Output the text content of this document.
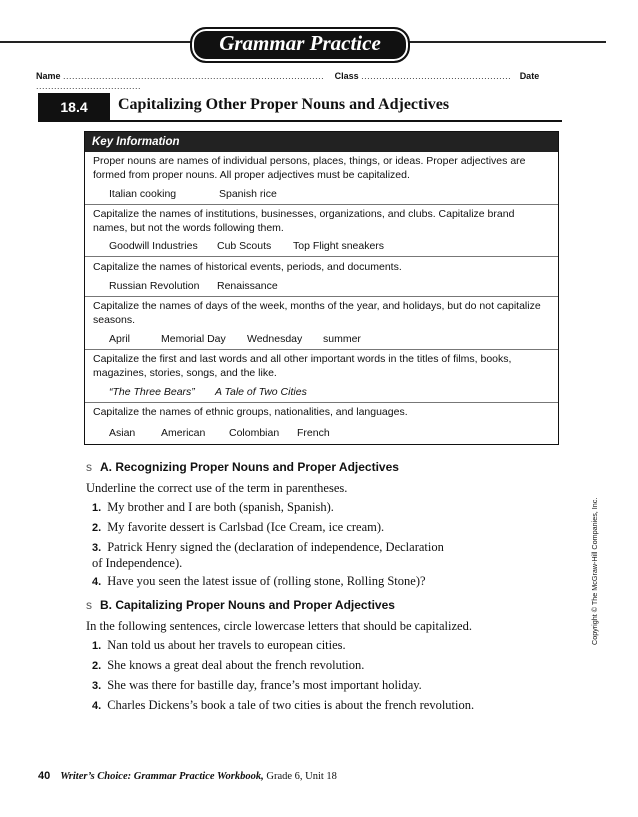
Grammar Practice
Name ....................................................................................... Class .................................................. Date ...................................
18.4	Capitalizing Other Proper Nouns and Adjectives
Key Information
Proper nouns are names of individual persons, places, things, or ideas. Proper adjectives are formed from proper nouns. All proper adjectives must be capitalized.
Italian cooking	Spanish rice
Capitalize the names of institutions, businesses, organizations, and clubs. Capitalize brand names, but not the words following them.
Goodwill Industries Cub Scouts Top Flight sneakers
Capitalize the names of historical events, periods, and documents.
Russian Revolution Renaissance
Capitalize the names of days of the week, months of the year, and holidays, but do not capitalize seasons.
April	Memorial Day Wednesday summer
Capitalize the first and last words and all other important words in the titles of films, books, magazines, stories, songs, and the like.
“The Three Bears” A Tale of Two Cities
Capitalize the names of ethnic groups, nationalities, and languages.
Asian American Colombian French
s A. Recognizing Proper Nouns and Proper Adjectives
Underline the correct use of the term in parentheses.
1. My brother and I are both (spanish, Spanish).
2. My favorite dessert is Carlsbad (Ice Cream, ice cream).
3. Patrick Henry signed the (declaration of independence, Declaration of Independence).
4. Have you seen the latest issue of (rolling stone, Rolling Stone)?
s B. Capitalizing Proper Nouns and Proper Adjectives
In the following sentences, circle lowercase letters that should be capitalized.
1. Nan told us about her travels to european cities.
2. She knows a great deal about the french revolution.
3. She was there for bastille day, france’s most important holiday.
4. Charles Dickens’s book a tale of two cities is about the french revolution.
Copyright © The McGraw-Hill Companies, Inc.
40 Writer’s Choice: Grammar Practice Workbook, Grade 6, Unit 18
